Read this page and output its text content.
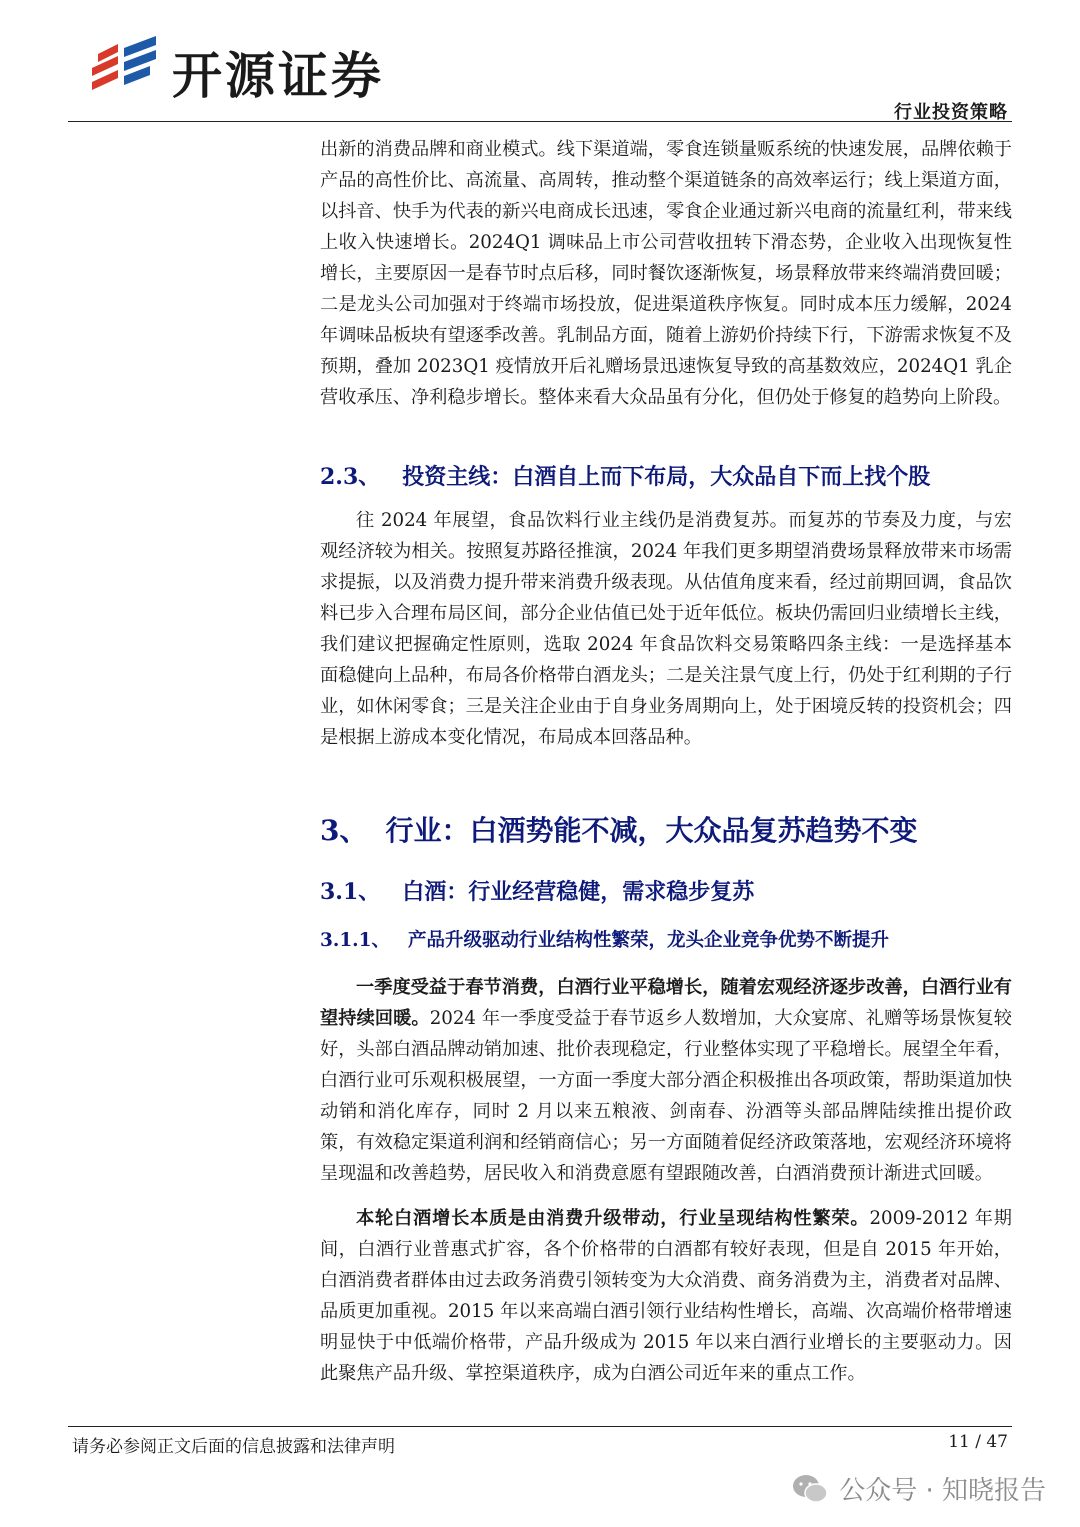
开源证券
行业投资策略

出新的消费品牌和商业模式。线下渠道端，零食连锁量贩系统的快速发展，品牌依赖于产品的高性价比、高流量、高周转，推动整个渠道链条的高效率运行；线上渠道方面，以抖音、快手为代表的新兴电商成长迅速，零食企业通过新兴电商的流量红利，带来线上收入快速增长。2024Q1 调味品上市公司营收扭转下滑态势，企业收入出现恢复性增长，主要原因一是春节时点后移，同时餐饮逐渐恢复，场景释放带来终端消费回暖；二是龙头公司加强对于终端市场投放，促进渠道秩序恢复。同时成本压力缓解，2024 年调味品板块有望逐季改善。乳制品方面，随着上游奶价持续下行，下游需求恢复不及预期，叠加 2023Q1 疫情放开后礼赠场景迅速恢复导致的高基数效应，2024Q1 乳企营收承压、净利稳步增长。整体来看大众品虽有分化，但仍处于修复的趋势向上阶段。

2.3、 投资主线：白酒自上而下布局，大众品自下而上找个股

往 2024 年展望，食品饮料行业主线仍是消费复苏。而复苏的节奏及力度，与宏观经济较为相关。按照复苏路径推演，2024 年我们更多期望消费场景释放带来市场需求提振，以及消费力提升带来消费升级表现。从估值角度来看，经过前期回调，食品饮料已步入合理布局区间，部分企业估值已处于近年低位。板块仍需回归业绩增长主线，我们建议把握确定性原则，选取 2024 年食品饮料交易策略四条主线：一是选择基本面稳健向上品种，布局各价格带白酒龙头；二是关注景气度上行，仍处于红利期的子行业，如休闲零食；三是关注企业由于自身业务周期向上，处于困境反转的投资机会；四是根据上游成本变化情况，布局成本回落品种。

3、 行业：白酒势能不减，大众品复苏趋势不变
3.1、 白酒：行业经营稳健，需求稳步复苏
3.1.1、 产品升级驱动行业结构性繁荣，龙头企业竞争优势不断提升

一季度受益于春节消费，白酒行业平稳增长，随着宏观经济逐步改善，白酒行业有望持续回暖。2024 年一季度受益于春节返乡人数增加，大众宴席、礼赠等场景恢复较好，头部白酒品牌动销加速、批价表现稳定，行业整体实现了平稳增长。展望全年看，白酒行业可乐观积极展望，一方面一季度大部分酒企积极推出各项政策，帮助渠道加快动销和消化库存，同时 2 月以来五粮液、剑南春、汾酒等头部品牌陆续推出提价政策，有效稳定渠道利润和经销商信心；另一方面随着促经济政策落地，宏观经济环境将呈现温和改善趋势，居民收入和消费意愿有望跟随改善，白酒消费预计渐进式回暖。

本轮白酒增长本质是由消费升级带动，行业呈现结构性繁荣。2009-2012 年期间，白酒行业普惠式扩容，各个价格带的白酒都有较好表现，但是自 2015 年开始，白酒消费者群体由过去政务消费引领转变为大众消费、商务消费为主，消费者对品牌、品质更加重视。2015 年以来高端白酒引领行业结构性增长，高端、次高端价格带增速明显快于中低端价格带，产品升级成为 2015 年以来白酒行业增长的主要驱动力。因此聚焦产品升级、掌控渠道秩序，成为白酒公司近年来的重点工作。

请务必参阅正文后面的信息披露和法律声明	11 / 47
公众号 · 知晓报告
